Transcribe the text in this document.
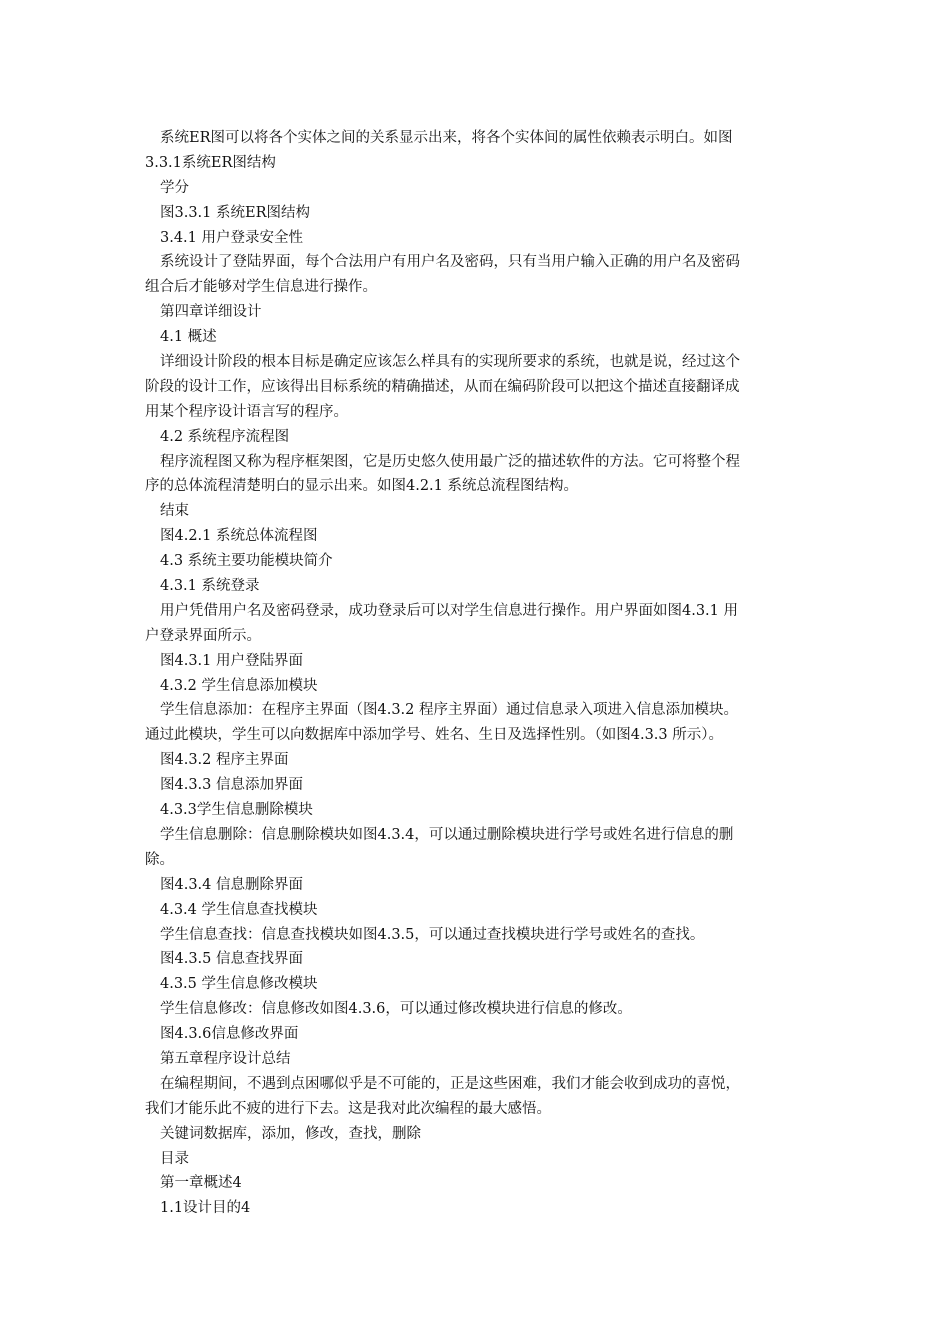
系统ER图可以将各个实体之间的关系显示出来，将各个实体间的属性依赖表示明白。如图
3.3.1系统ER图结构
学分
图3.3.1 系统ER图结构
3.4.1 用户登录安全性
系统设计了登陆界面，每个合法用户有用户名及密码，只有当用户输入正确的用户名及密码
组合后才能够对学生信息进行操作。
第四章详细设计
4.1 概述
详细设计阶段的根本目标是确定应该怎么样具有的实现所要求的系统，也就是说，经过这个
阶段的设计工作，应该得出目标系统的精确描述，从而在编码阶段可以把这个描述直接翻译成
用某个程序设计语言写的程序。
4.2 系统程序流程图
程序流程图又称为程序框架图，它是历史悠久使用最广泛的描述软件的方法。它可将整个程
序的总体流程清楚明白的显示出来。如图4.2.1 系统总流程图结构。
结束
图4.2.1 系统总体流程图
4.3 系统主要功能模块简介
4.3.1 系统登录
用户凭借用户名及密码登录，成功登录后可以对学生信息进行操作。用户界面如图4.3.1 用
户登录界面所示。
图4.3.1 用户登陆界面
4.3.2 学生信息添加模块
学生信息添加：在程序主界面（图4.3.2 程序主界面）通过信息录入项进入信息添加模块。
通过此模块，学生可以向数据库中添加学号、姓名、生日及选择性别。（如图4.3.3 所示）。
图4.3.2 程序主界面
图4.3.3 信息添加界面
4.3.3学生信息删除模块
学生信息删除：信息删除模块如图4.3.4，可以通过删除模块进行学号或姓名进行信息的删
除。
图4.3.4 信息删除界面
4.3.4 学生信息查找模块
学生信息查找：信息查找模块如图4.3.5，可以通过查找模块进行学号或姓名的查找。
图4.3.5 信息查找界面
4.3.5 学生信息修改模块
学生信息修改：信息修改如图4.3.6，可以通过修改模块进行信息的修改。
图4.3.6信息修改界面
第五章程序设计总结
在编程期间，不遇到点困哪似乎是不可能的，正是这些困难，我们才能会收到成功的喜悦，
我们才能乐此不疲的进行下去。这是我对此次编程的最大感悟。
关键词数据库，添加，修改，查找，删除
目录
第一章概述4
1.1设计目的4
